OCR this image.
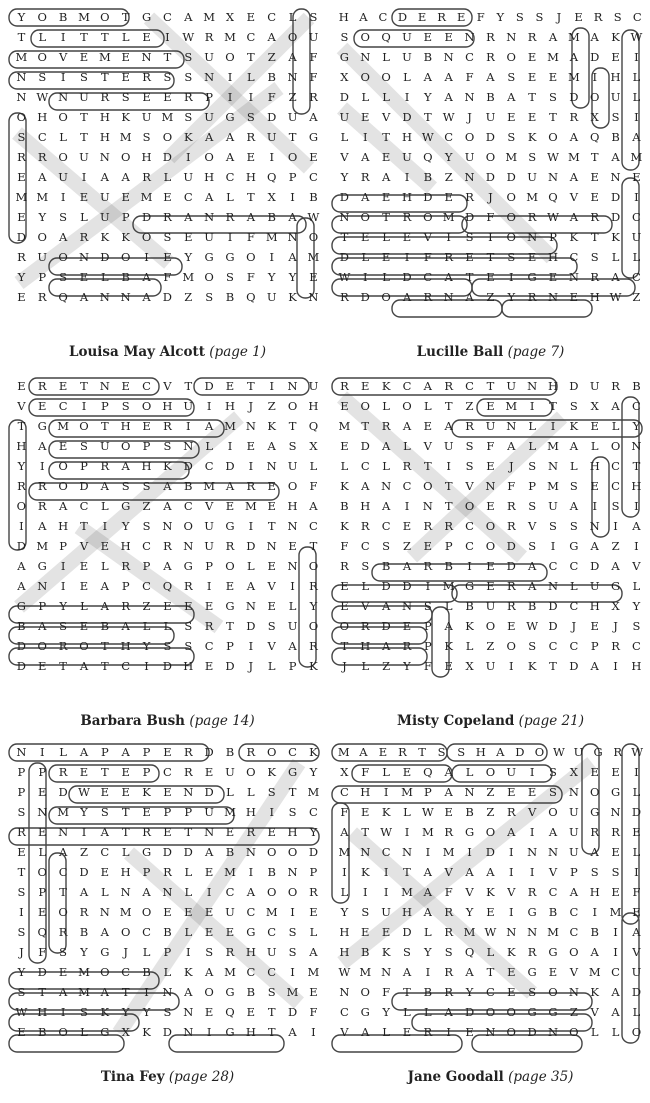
Y	O	B M O	T	G	C	A M X	E	C	L	S
T	L	I	T	T	L	E	I	W R M C	A	O U
M O	V	E M E	N	T	S	U O	T	Z	A	F
N	S	I	S	T	E	R	S	S	N	I	L	B	N	F
N W N U	R	S	E	E	R	P	I	I	F	Z	R
O H O	T	H	K	U M S	U G	S	D U	A
S	C	L	T	H M S	O	K	A	A	R	U	T	G
R	R	O U N O H D	I	O	A	E	I	O	E
E	A	U	I	A	A	R	L	U H C H Q	P	C
M M	I	E	U	E M E	C	A	L	T	X	I	B
E	Y	S	L	U	P	D	R	A	N	R	A	B	A W
D	O	A	R	K	K	O	S	E	U	I	F M N O
R	U O N D	O	I	E	Y	G	G	O	I	A M
Y	P	S	E	L	B	A	F M O	S	F	Y	Y	E
E	R	Q	A	N N	A	D	Z	S	B	Q U	K	N
Louisa May Alcott (page 1)
H A C D E R E F	Y	S	S	J	E R S C
S	O Q U	E	E	N	R N	R	A M A	K W
G N	L	U	B	N C	R	O	E M A	D	E	I
X	O O	L	A	A	F	A	S	E	E M	I	H	L
D	L	L	I	Y	A	N	B	A	T	S	D	O U	L
U	E	V	D	T W	J	U	E	E	T	R	X	S	I
L	I	T	H W C	O	D	S	K	O	A	Q	B	A
V	A	E	U Q	Y	U O M S W M T	A M
Y	R	A	I	B	Z	N D	D U N	A	E	N	E
D	A	E	H D	E	R	J	O M Q	V	E	D	I
N O	T	R	O M D	F	O	R W A	R	D	C
T	E	L	E	V	I	S	I	O N	P	K	T	K	U
D	L	E	I	F	R	E	T	S	E	H C	S	L	L
W	I	L	D	C	A	T	E	I	G	E	N	R	A	C
R	D	O	A	R N	A	Z	Y	R N	E	H W Z
Lucille Ball (page 7)
E	R	E	T	N	E	C	V	T	D	E	T	I	N U
V	E	C	I	P	S	O H U	I	H	J	Z	O H
T	G M O	T	H	E	R	I	A M N	K	T	Q
H	A	E	S	U O	P	S	N	L	I	E	A	S	X
Y	I	O	P	R	A	H	K	D	C	D	I	N U	L
R	R	O	D	A	S	S	A	B M A	R	E	O	F
O	R	A	C	L	G	Z	A	C	V	E M E	H	A
I	A	H	T	I	Y	S	N O U G	I	T	N C
D M P	V	E	H C	R N U	R	D N	E	T
A	G	I	E	L	R	P	A	G	P	O	L	E	N O
A	N	I	E	A	P	C	Q	R	I	E	A	V	I	R
G	P	Y	L	A	R	Z	E	E	E	G N	E	L	Y
B	A	S	E	B	A	L	L	S	R	T	D	S	U O
D	O	R	O	T	H	Y	S	S	C	P	I	V	A	R
D	E	T	A	T	C	I	D H	E	D	J	L	P	K
Barbara Bush (page 14)
R	E	K	C	A	R	C	T	U N H D U	R	B
E	O	L	O	L	T	Z	E M	I	T	S	X	A	C
M T	R	A	E	A	R	U N	L	I	K	E	L	Y
E	D	A	L	V	U	S	F	A	L M A	L	O N
L	C	L	R	T	I	S	E	J	S	N	L	H C	T
K	A	N C	O	T	V	N	F	P M S	E	C H
B	H	A	I	N	T	O	E	R	S	U	A	I	S	I
K	R	C	E	R	R	C	O	R	V	S	S	N	I	A
F	C	S	Z	E	P	C	O	D	S	I	G	A	Z	I
R	S	B	A	R	B	I	E	D	A	C	C	D	A	V
E	L	D	D	I	M G	E	R	A	N	L	U G	L
E	V	A	N	S	L	B	U	R	B	D	C H	X	Y
O	R	D	E	P	A	K	O	E W D	J	E	J	S
T	H	A	R	P	K	L	Z	O	S	C	C	P	R	C
J	L	Z	Y	F	E	X	U	I	K	T	D	A	I	H
Misty Copeland (page 21)
N	I	L	A	P	A	P	E	R	D	B	R	O	C	K
P	P	R	E	T	E	P	C	R	E	U O	K	G	Y
P	E	D W E	E	K	E	N D	L	L	S	T M
S	N M Y	S	T	E	P	P	U M H	I	S	C
R	E	N	I	A	T	R	E	T	N	E	R	E	H	Y
E	L	A	Z	C	L	G	D	D	A	B	N O O	D
T	O	C	D	E	H	P	R	L	E M	I	B	N	P
S	P	T	A	L	N	A	N	L	I	C	A	O O	R
I	E	O	R N M O	E	E	E	U	C M	I	E
S	Q	R	B	A	O	C	B	L	E	E	G	C	S	L
J	F	S	Y	G	J	L	P	I	S	R	H U	S	A
Y	D	E M O	C	B	L	K	A M C	C	I	M
S	T	A M A	T	I	N	A	O	G	B	S M E
W H	I	S	K	Y	Y	S	N	E	Q	E	T	D	F
E	B	O	L	G	X	K	D N	I	G H	T	A	I
Tina Fey (page 28)
M A E R T	S	S H A D O W U G R W
X	F	L	E	Q	A	L	O U	I	S	X	E	E	I
C H	I	M P	A	N	Z	E	E	S	N O	G	L
F	E	K	L W E	B	Z	R	V	O U G N D
A	T W	I	M R	G	O	A	I	A	U	R	R	E
M N C N	I	M	I	D	I	N N U	A	E	L
I	K	I	T	A	V	A	A	I	I	V	P	S	S	I
L	I	I	M A	F	V	K	V	R	C	A	H	E	F
Y	S	U H	A	R	Y	E	I	G	B	C	I	M E
H	E	E	D	L	R M W N N M C	B	I	A
H	B	K	S	Y	S	Q	L	K	R	G	O	A	I	V
W M N	A	I	R	A	T	E	G	E	V M C	U
N O	F	T	B	R	Y	C	E	S	O N	K	A	D
C	G	Y	L	L	A	D	O O	G	G	Z	V	A	L
V	A	L	E	R	I	E	N O	D N O	L	L	O
Jane Goodall (page 35)
